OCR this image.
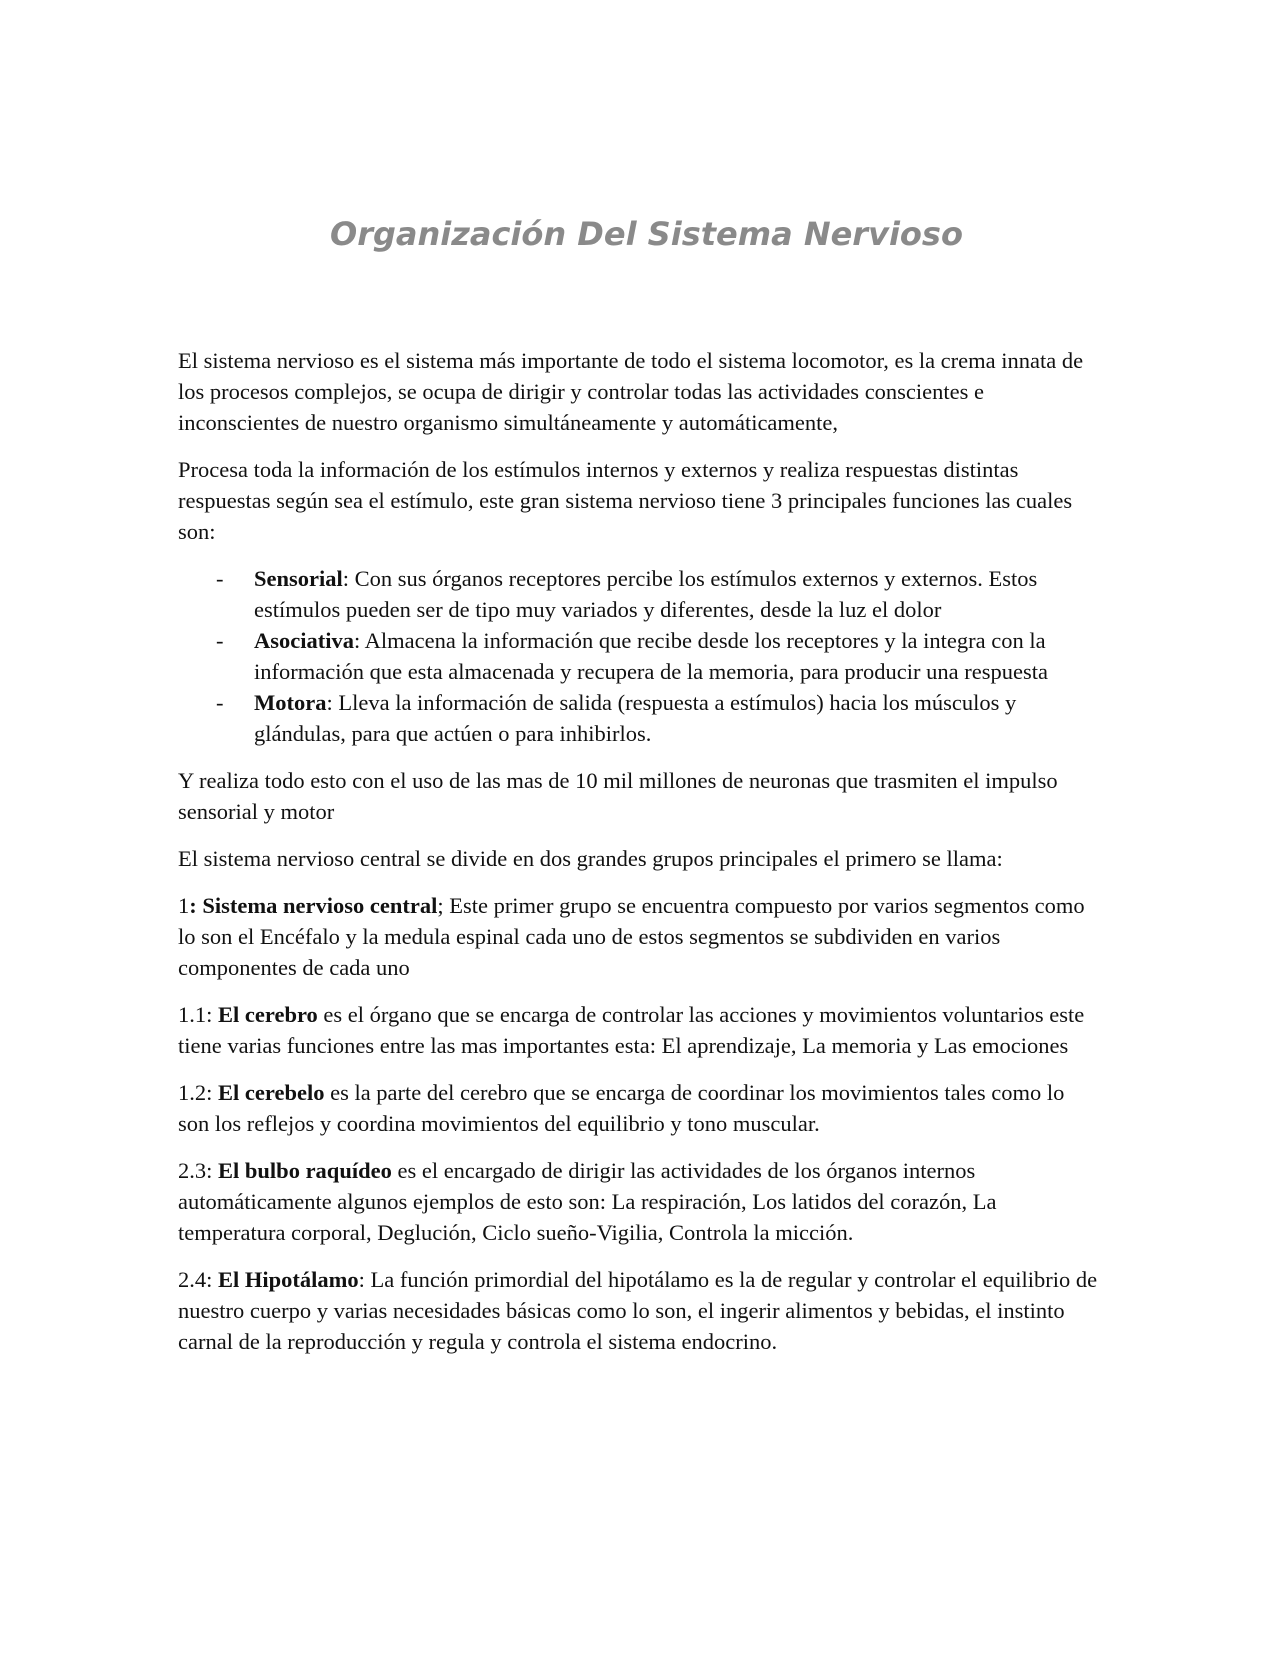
Organización Del Sistema Nervioso

El sistema nervioso es el sistema más importante de todo el sistema locomotor, es la crema innata de los procesos complejos, se ocupa de dirigir y controlar todas las actividades conscientes e inconscientes de nuestro organismo simultáneamente y automáticamente,

Procesa toda la información de los estímulos internos y externos y realiza respuestas distintas respuestas según sea el estímulo, este gran sistema nervioso tiene 3 principales funciones las cuales son:

- Sensorial: Con sus órganos receptores percibe los estímulos externos y externos. Estos estímulos pueden ser de tipo muy variados y diferentes, desde la luz el dolor
- Asociativa: Almacena la información que recibe desde los receptores y la integra con la información que esta almacenada y recupera de la memoria, para producir una respuesta
- Motora: Lleva la información de salida (respuesta a estímulos) hacia los músculos y glándulas, para que actúen o para inhibirlos.

Y realiza todo esto con el uso de las mas de 10 mil millones de neuronas que trasmiten el impulso sensorial y motor

El sistema nervioso central se divide en dos grandes grupos principales el primero se llama:

1: Sistema nervioso central; Este primer grupo se encuentra compuesto por varios segmentos como lo son el Encéfalo y la medula espinal cada uno de estos segmentos se subdividen en varios componentes de cada uno

1.1: El cerebro es el órgano que se encarga de controlar las acciones y movimientos voluntarios este tiene varias funciones entre las mas importantes esta: El aprendizaje, La memoria y Las emociones

1.2: El cerebelo es la parte del cerebro que se encarga de coordinar los movimientos tales como lo son los reflejos y coordina movimientos del equilibrio y tono muscular.

2.3: El bulbo raquídeo es el encargado de dirigir las actividades de los órganos internos automáticamente algunos ejemplos de esto son: La respiración, Los latidos del corazón, La temperatura corporal, Deglución, Ciclo sueño-Vigilia, Controla la micción.

2.4: El Hipotálamo: La función primordial del hipotálamo es la de regular y controlar el equilibrio de nuestro cuerpo y varias necesidades básicas como lo son, el ingerir alimentos y bebidas, el instinto carnal de la reproducción y regula y controla el sistema endocrino.
